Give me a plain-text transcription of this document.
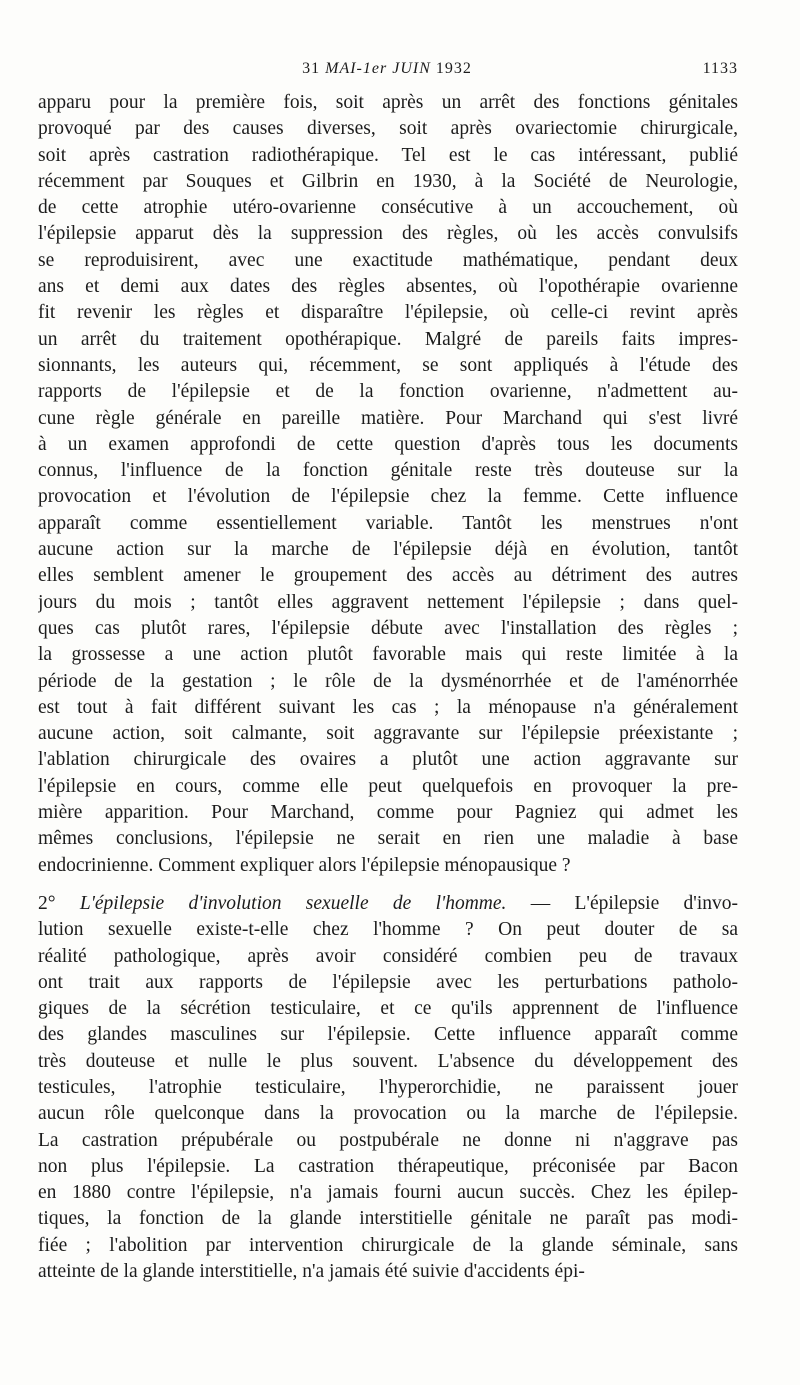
31 MAI-1er JUIN 1932	1133
apparu pour la première fois, soit après un arrêt des fonctions génitales
provoqué par des causes diverses, soit après ovariectomie chirurgicale,
soit après castration radiothérapique. Tel est le cas intéressant, publié
récemment par Souques et Gilbrin en 1930, à la Société de Neurologie,
de cette atrophie utéro-ovarienne consécutive à un accouchement, où
l'épilepsie apparut dès la suppression des règles, où les accès convulsifs
se reproduisirent, avec une exactitude mathématique, pendant deux
ans et demi aux dates des règles absentes, où l'opothérapie ovarienne
fit revenir les règles et disparaître l'épilepsie, où celle-ci revint après
un arrêt du traitement opothérapique. Malgré de pareils faits impres-
sionnants, les auteurs qui, récemment, se sont appliqués à l'étude des
rapports de l'épilepsie et de la fonction ovarienne, n'admettent au-
cune règle générale en pareille matière. Pour Marchand qui s'est livré
à un examen approfondi de cette question d'après tous les documents
connus, l'influence de la fonction génitale reste très douteuse sur la
provocation et l'évolution de l'épilepsie chez la femme. Cette influence
apparaît comme essentiellement variable. Tantôt les menstrues n'ont
aucune action sur la marche de l'épilepsie déjà en évolution, tantôt
elles semblent amener le groupement des accès au détriment des autres
jours du mois ; tantôt elles aggravent nettement l'épilepsie ; dans quel-
ques cas plutôt rares, l'épilepsie débute avec l'installation des règles ;
la grossesse a une action plutôt favorable mais qui reste limitée à la
période de la gestation ; le rôle de la dysménorrhée et de l'aménorrhée
est tout à fait différent suivant les cas ; la ménopause n'a généralement
aucune action, soit calmante, soit aggravante sur l'épilepsie préexistante ;
l'ablation chirurgicale des ovaires a plutôt une action aggravante sur
l'épilepsie en cours, comme elle peut quelquefois en provoquer la pre-
mière apparition. Pour Marchand, comme pour Pagniez qui admet les
mêmes conclusions, l'épilepsie ne serait en rien une maladie à base
endocrinienne. Comment expliquer alors l'épilepsie ménopausique ?
2° L'épilepsie d'involution sexuelle de l'homme. — L'épilepsie d'invo-
lution sexuelle existe-t-elle chez l'homme ? On peut douter de sa
réalité pathologique, après avoir considéré combien peu de travaux
ont trait aux rapports de l'épilepsie avec les perturbations patholo-
giques de la sécrétion testiculaire, et ce qu'ils apprennent de l'influence
des glandes masculines sur l'épilepsie. Cette influence apparaît comme
très douteuse et nulle le plus souvent. L'absence du développement des
testicules, l'atrophie testiculaire, l'hyperorchidie, ne paraissent jouer
aucun rôle quelconque dans la provocation ou la marche de l'épilepsie.
La castration prépubérale ou postpubérale ne donne ni n'aggrave pas
non plus l'épilepsie. La castration thérapeutique, préconisée par Bacon
en 1880 contre l'épilepsie, n'a jamais fourni aucun succès. Chez les épilep-
tiques, la fonction de la glande interstitielle génitale ne paraît pas modi-
fiée ; l'abolition par intervention chirurgicale de la glande séminale, sans
atteinte de la glande interstitielle, n'a jamais été suivie d'accidents épi-
